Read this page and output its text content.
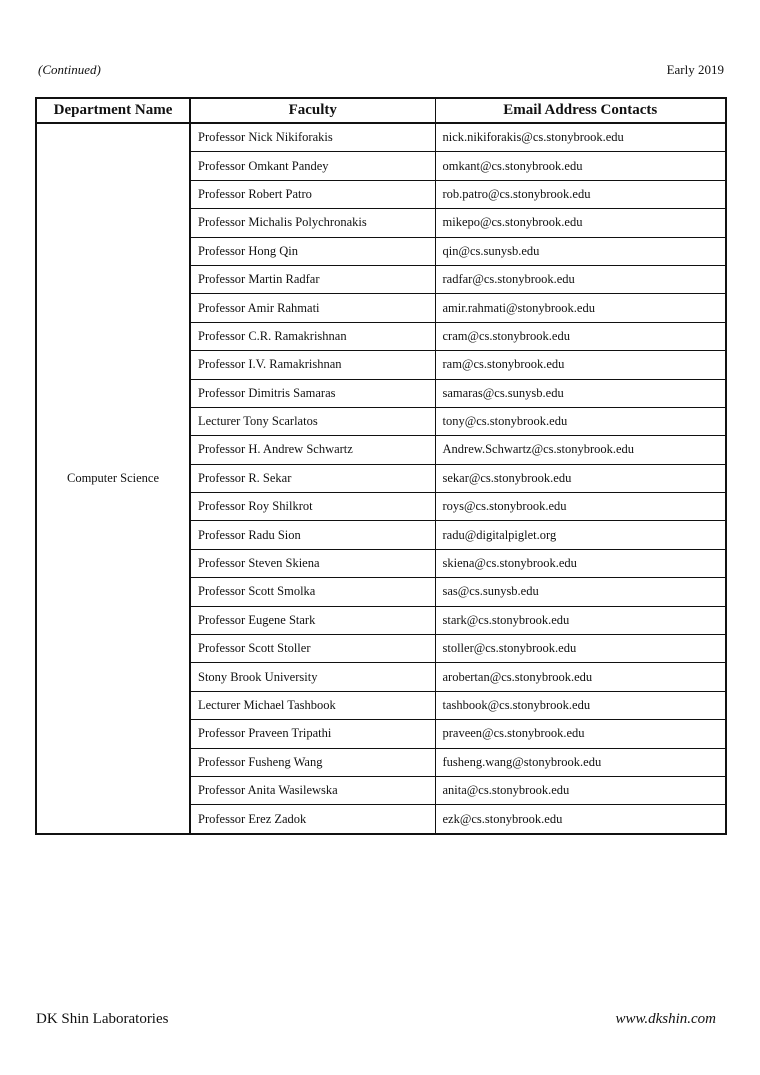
(Continued)	Early 2019
Department Name	Faculty	Email Address Contacts
Computer Science	Professor Nick Nikiforakis	nick.nikiforakis@cs.stonybrook.edu
	Professor Omkant Pandey	omkant@cs.stonybrook.edu
	Professor Robert Patro	rob.patro@cs.stonybrook.edu
	Professor Michalis Polychronakis	mikepo@cs.stonybrook.edu
	Professor Hong Qin	qin@cs.sunysb.edu
	Professor Martin Radfar	radfar@cs.stonybrook.edu
	Professor Amir Rahmati	amir.rahmati@stonybrook.edu
	Professor C.R. Ramakrishnan	cram@cs.stonybrook.edu
	Professor I.V. Ramakrishnan	ram@cs.stonybrook.edu
	Professor Dimitris Samaras	samaras@cs.sunysb.edu
	Lecturer Tony Scarlatos	tony@cs.stonybrook.edu
	Professor H. Andrew Schwartz	Andrew.Schwartz@cs.stonybrook.edu
	Professor R. Sekar	sekar@cs.stonybrook.edu
	Professor Roy Shilkrot	roys@cs.stonybrook.edu
	Professor Radu Sion	radu@digitalpiglet.org
	Professor Steven Skiena	skiena@cs.stonybrook.edu
	Professor Scott Smolka	sas@cs.sunysb.edu
	Professor Eugene Stark	stark@cs.stonybrook.edu
	Professor Scott Stoller	stoller@cs.stonybrook.edu
	Stony Brook University	arobertan@cs.stonybrook.edu
	Lecturer Michael Tashbook	tashbook@cs.stonybrook.edu
	Professor Praveen Tripathi	praveen@cs.stonybrook.edu
	Professor Fusheng Wang	fusheng.wang@stonybrook.edu
	Professor Anita Wasilewska	anita@cs.stonybrook.edu
	Professor Erez Zadok	ezk@cs.stonybrook.edu
DK Shin Laboratories	www.dkshin.com
